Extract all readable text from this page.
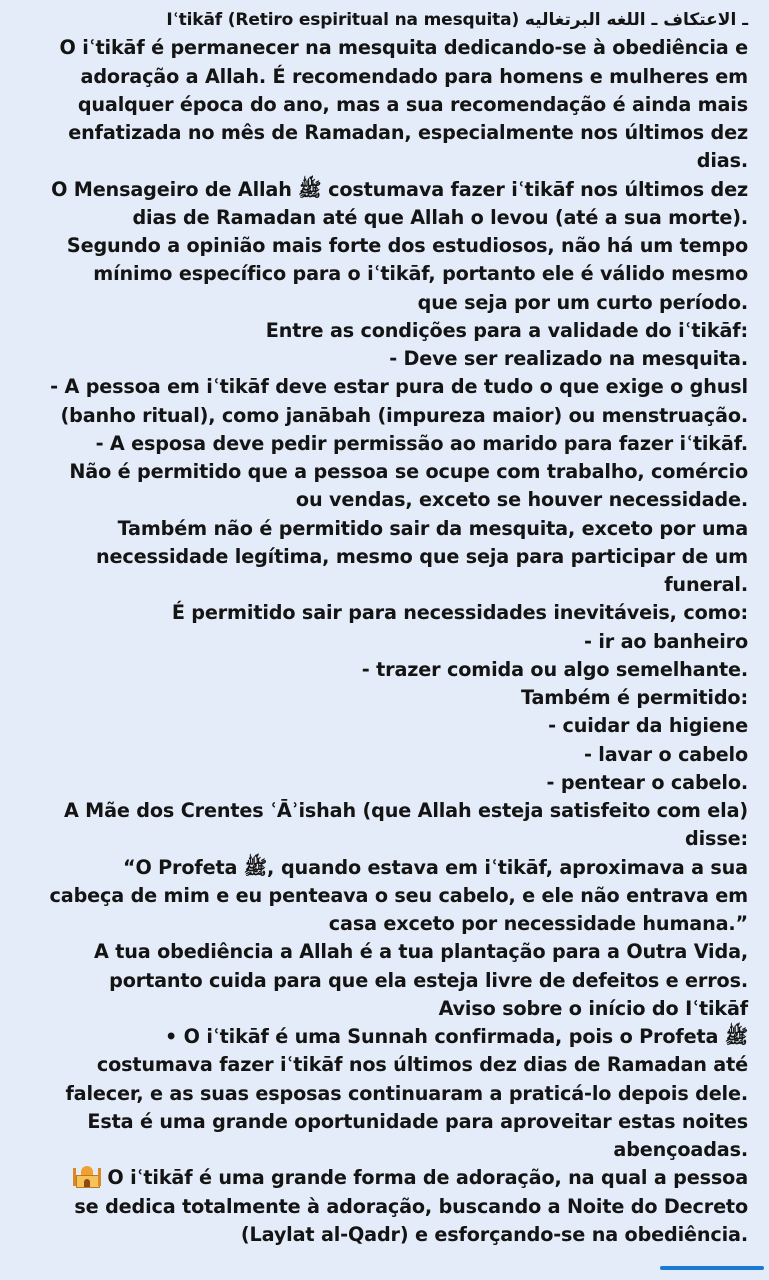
Iʿtikāf (Retiro espiritual na mesquita) ـ الاعتكاف ـ اللغه البرتغاليه
O iʿtikāf é permanecer na mesquita dedicando-se à obediência e
adoração a Allah. É recomendado para homens e mulheres em
qualquer época do ano, mas a sua recomendação é ainda mais
enfatizada no mês de Ramadan, especialmente nos últimos dez
dias.
O Mensageiro de Allah ﷺ costumava fazer iʿtikāf nos últimos dez
dias de Ramadan até que Allah o levou (até a sua morte).
Segundo a opinião mais forte dos estudiosos, não há um tempo
mínimo específico para o iʿtikāf, portanto ele é válido mesmo
que seja por um curto período.
Entre as condições para a validade do iʿtikāf:
- Deve ser realizado na mesquita.
- A pessoa em iʿtikāf deve estar pura de tudo o que exige o ghusl
(banho ritual), como janābah (impureza maior) ou menstruação.
- A esposa deve pedir permissão ao marido para fazer iʿtikāf.
Não é permitido que a pessoa se ocupe com trabalho, comércio
ou vendas, exceto se houver necessidade.
Também não é permitido sair da mesquita, exceto por uma
necessidade legítima, mesmo que seja para participar de um
funeral.
É permitido sair para necessidades inevitáveis, como:
- ir ao banheiro
- trazer comida ou algo semelhante.
Também é permitido:
- cuidar da higiene
- lavar o cabelo
- pentear o cabelo.
A Mãe dos Crentes ʿĀʾishah (que Allah esteja satisfeito com ela)
disse:
“O Profeta ﷺ, quando estava em iʿtikāf, aproximava a sua
cabeça de mim e eu penteava o seu cabelo, e ele não entrava em
casa exceto por necessidade humana.”
A tua obediência a Allah é a tua plantação para a Outra Vida,
portanto cuida para que ela esteja livre de defeitos e erros.
Aviso sobre o início do Iʿtikāf
• O iʿtikāf é uma Sunnah confirmada, pois o Profeta ﷺ
costumava fazer iʿtikāf nos últimos dez dias de Ramadan até
falecer, e as suas esposas continuaram a praticá-lo depois dele.
Esta é uma grande oportunidade para aproveitar estas noites
abençoadas.
O iʿtikāf é uma grande forma de adoração, na qual a pessoa
se dedica totalmente à adoração, buscando a Noite do Decreto
(Laylat al-Qadr) e esforçando-se na obediência.
